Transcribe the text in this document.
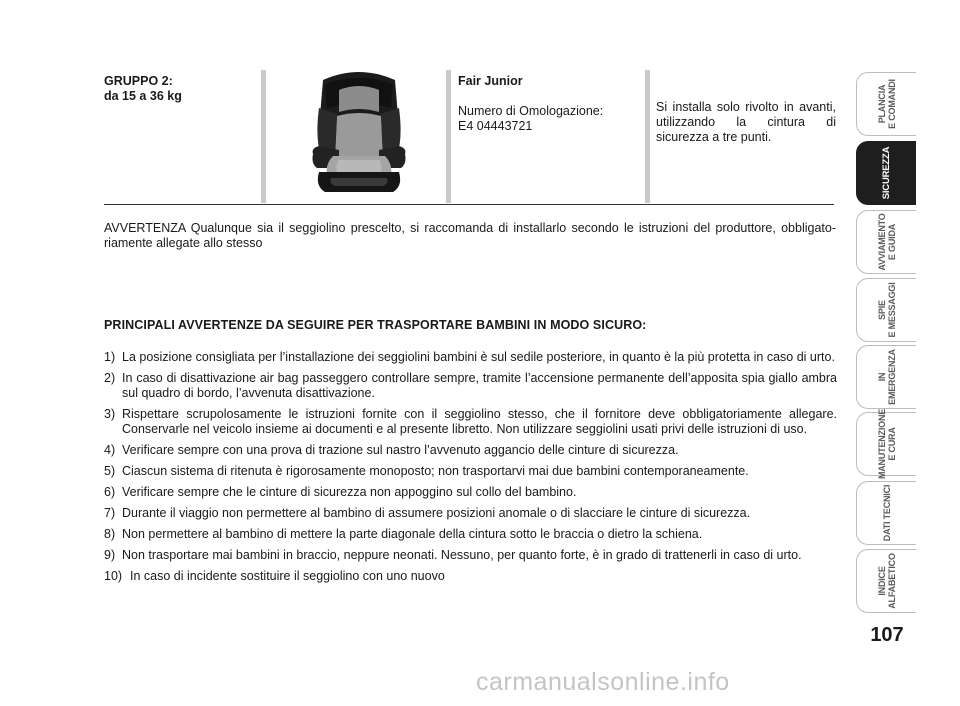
GRUPPO 2:
da 15 a 36 kg
Fair Junior
Numero di Omologazione:
E4 04443721
Si installa solo rivolto in avanti, utilizzando la cintura di sicurezza a tre punti.
AVVERTENZA Qualunque sia il seggiolino prescelto, si raccomanda di installarlo secondo le istruzioni del produttore, obbligatoriamente allegate allo stesso
PRINCIPALI AVVERTENZE DA SEGUIRE PER TRASPORTARE BAMBINI IN MODO SICURO:
1) La posizione consigliata per l’installazione dei seggiolini bambini è sul sedile posteriore, in quanto è la più protetta in caso di urto.
2) In caso di disattivazione air bag passeggero controllare sempre, tramite l’accensione permanente dell’apposita spia giallo ambra sul quadro di bordo, l’avvenuta disattivazione.
3) Rispettare scrupolosamente le istruzioni fornite con il seggiolino stesso, che il fornitore deve obbligatoriamente allegare. Conservarle nel veicolo insieme ai documenti e al presente libretto. Non utilizzare seggiolini usati privi delle istruzioni di uso.
4) Verificare sempre con una prova di trazione sul nastro l’avvenuto aggancio delle cinture di sicurezza.
5) Ciascun sistema di ritenuta è rigorosamente monoposto; non trasportarvi mai due bambini contemporaneamente.
6) Verificare sempre che le cinture di sicurezza non appoggino sul collo del bambino.
7) Durante il viaggio non permettere al bambino di assumere posizioni anomale o di slacciare le cinture di sicurezza.
8) Non permettere al bambino di mettere la parte diagonale della cintura sotto le braccia o dietro la schiena.
9) Non trasportare mai bambini in braccio, neppure neonati. Nessuno, per quanto forte, è in grado di trattenerli in caso di urto.
10) In caso di incidente sostituire il seggiolino con uno nuovo
PLANCIA
E COMANDI
SICUREZZA
AVVIAMENTO
E GUIDA
SPIE
E MESSAGGI
IN
EMERGENZA
MANUTENZIONE
E CURA
DATI TECNICI
INDICE
ALFABETICO
107
carmanualsonline.info
